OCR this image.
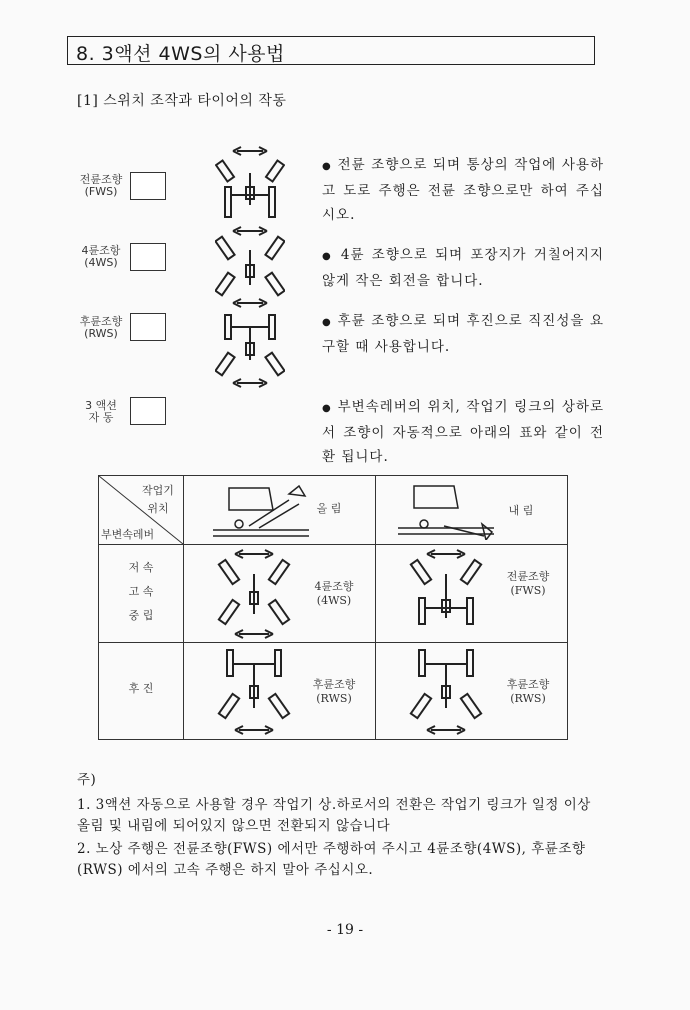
8. 3액션 4WS의 사용법
[1] 스위치 조작과 타이어의 작동
전륜조향
(FWS)
4륜조항
(4WS)
후륜조향
(RWS)
3 액션
자 동
● 전륜 조향으로 되며 통상의 작업에 사용하고 도로 주행은 전륜 조향으로만 하여 주십시오.
● 4륜 조향으로 되며 포장지가 거칠어지지 않게 작은 회전을 합니다.
● 후륜 조향으로 되며 후진으로 직진성을 요구할 때 사용합니다.
● 부변속레버의 위치, 작업기 링크의 상하로서 조향이 자동적으로 아래의 표와 같이 전환 됩니다.
작업기
위치
부변속레버
올 림	내 림
저 속
고 속
중 립
후 진
4륜조향
(4WS)
전륜조향
(FWS)
후륜조향
(RWS)
후륜조향
(RWS)
주)
1. 3액션 자동으로 사용할 경우 작업기 상.하로서의 전환은 작업기 링크가 일정 이상 올림 및 내림에 되어있지 않으면 전환되지 않습니다
2. 노상 주행은 전륜조향(FWS) 에서만 주행하여 주시고 4륜조향(4WS), 후륜조향(RWS) 에서의 고속 주행은 하지 말아 주십시오.
- 19 -
